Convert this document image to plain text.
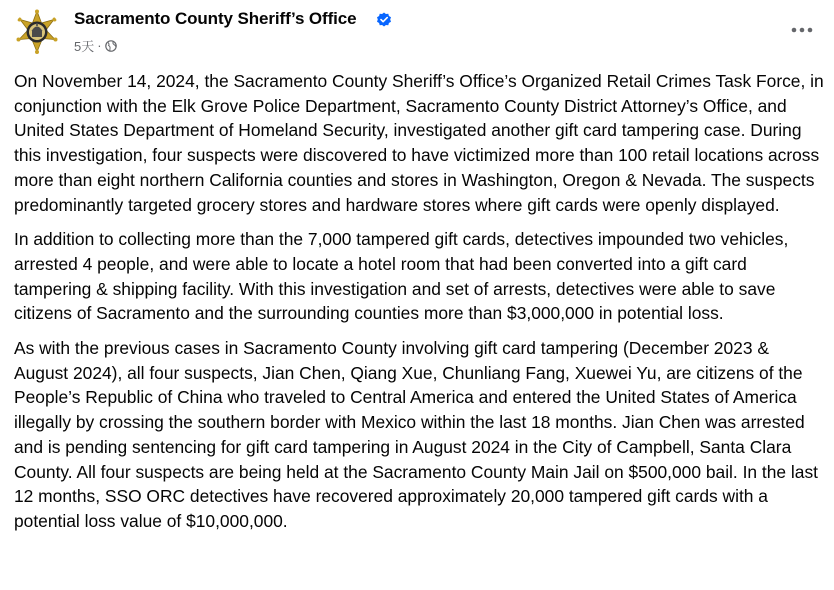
Sacramento County Sheriff’s Office
5天 ·

On November 14, 2024, the Sacramento County Sheriff’s Office’s Organized Retail Crimes Task Force, in conjunction with the Elk Grove Police Department, Sacramento County District Attorney’s Office, and United States Department of Homeland Security, investigated another gift card tampering case. During this investigation, four suspects were discovered to have victimized more than 100 retail locations across more than eight northern California counties and stores in Washington, Oregon & Nevada. The suspects predominantly targeted grocery stores and hardware stores where gift cards were openly displayed.

In addition to collecting more than the 7,000 tampered gift cards, detectives impounded two vehicles, arrested 4 people, and were able to locate a hotel room that had been converted into a gift card tampering & shipping facility. With this investigation and set of arrests, detectives were able to save citizens of Sacramento and the surrounding counties more than $3,000,000 in potential loss.

As with the previous cases in Sacramento County involving gift card tampering (December 2023 & August 2024), all four suspects, Jian Chen, Qiang Xue, Chunliang Fang, Xuewei Yu, are citizens of the People’s Republic of China who traveled to Central America and entered the United States of America illegally by crossing the southern border with Mexico within the last 18 months. Jian Chen was arrested and is pending sentencing for gift card tampering in August 2024 in the City of Campbell, Santa Clara County. All four suspects are being held at the Sacramento County Main Jail on $500,000 bail. In the last 12 months, SSO ORC detectives have recovered approximately 20,000 tampered gift cards with a potential loss value of $10,000,000.
